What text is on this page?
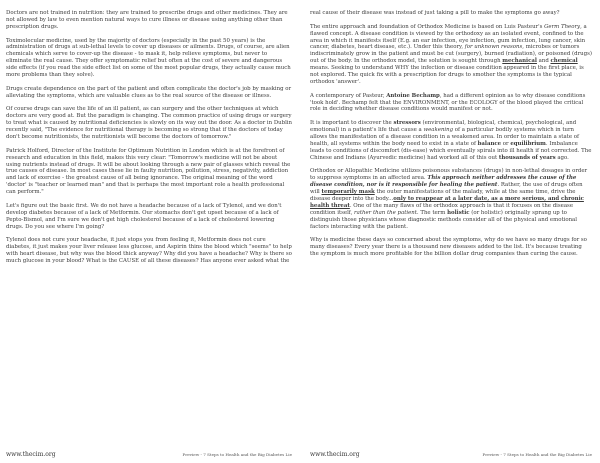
Doctors are not trained in nutrition: they are trained to prescribe drugs and other medicines. They are not allowed by law to even mention natural ways to cure illness or disease using anything other than prescription drugs.

Toximolecular medicine, used by the majority of doctors (especially in the past 50 years) is the administration of drugs at sub-lethal levels to cover up diseases or ailments. Drugs, of course, are alien chemicals which serve to cover-up the disease - to mask it, help relieve symptoms, but never to eliminate the real cause. They offer symptomatic relief but often at the cost of severe and dangerous side effects (if you read the side effect list on some of the most popular drugs, they actually cause much more problems than they solve).

Drugs create dependence on the part of the patient and often complicate the doctor's job by masking or alleviating the symptoms, which are valuable clues as to the real source of the disease or illness.

Of course drugs can save the life of an ill patient, as can surgery and the other techniques at which doctors are very good at. But the paradigm is changing. The common practice of using drugs or surgery to treat what is caused by nutritional deficiencies is slowly on its way out the door. As a doctor in Dublin recently said, "The evidence for nutritional therapy is becoming so strong that if the doctors of today don't become nutritionists, the nutritionists will become the doctors of tomorrow."

Patrick Holford, Director of the Institute for Optimum Nutrition in London which is at the forefront of research and education in this field, makes this very clear: "Tomorrow's medicine will not be about using nutrients instead of drugs. It will be about looking through a new pair of glasses which reveal the true causes of disease. In most cases these lie in faulty nutrition, pollution, stress, negativity, addiction and lack of exercise - the greatest cause of all being ignorance. The original meaning of the word 'doctor' is "teacher or learned man" and that is perhaps the most important role a health professional can perform."

Let's figure out the basic first. We do not have a headache because of a lack of Tylenol, and we don't develop diabetes because of a lack of Metformin. Our stomachs don't get upset because of a lack of Pepto-Bismol, and I'm sure we don't get high cholesterol because of a lack of cholesterol lowering drugs. Do you see where I'm going?

Tylenol does not cure your headache, it just stops you from feeling it, Metformin does not cure diabetes, it just makes your liver release less glucose, and Aspirin thins the blood which "seems" to help with heart disease, but why was the blood thick anyway? Why did you have a headache? Why is there so much glucose in your blood? What is the CAUSE of all these diseases? Has anyone ever asked what the

www.thecim.org	Preview - 7 Steps to Health and the Big Diabetes Lie

real cause of their disease was instead of just taking a pill to make the symptoms go away?

The entire approach and foundation of Orthodox Medicine is based on Luis Pasteur's Germ Theory, a flawed concept. A disease condition is viewed by the orthodoxy as an isolated event, confined to the area in which it manifests itself (E.g. an ear infection, eye infection, gum infection, lung cancer, skin cancer, diabetes, heart disease, etc.). Under this theory, for unknown reasons, microbes or tumors indiscriminately grow in the patient and must be cut (surgery), burned (radiation), or poisoned (drugs) out of the body. In the orthodox model, the solution is sought through mechanical and chemical means. Seeking to understand WHY the infection or disease condition appeared in the first place, is not explored. The quick fix with a prescription for drugs to smother the symptoms is the typical orthodox 'answer'.

A contemporary of Pasteur, Antoine Bechamp, had a different opinion as to why disease conditions 'took hold'. Bechamp felt that the ENVIRONMENT, or the ECOLOGY of the blood played the critical role in deciding whether disease conditions would manifest or not.

It is important to discover the stressors (environmental, biological, chemical, psychological, and emotional) in a patient's life that cause a weakening of a particular bodily systems which in turn allows the manifestation of a disease condition in a weakened area. In order to maintain a state of health, all systems within the body need to exist in a state of balance or equilibrium. Imbalance leads to conditions of discomfort (dis-ease) which eventually spirals into ill health if not corrected. The Chinese and Indians (Ayurvedic medicine) had worked all of this out thousands of years ago.

Orthodox or Allopathic Medicine utilizes poisonous substances (drugs) in non-lethal dosages in order to suppress symptoms in an affected area. This approach neither addresses the cause of the disease condition, nor is it responsible for healing the patient. Rather, the use of drugs often will temporarily mask the outer manifestations of the malady, while at the same time, drive the disease deeper into the body...only to reappear at a later date, as a more serious, and chronic health threat. One of the many flaws of the orthodox approach is that it focuses on the disease condition itself, rather than the patient. The term holistic (or holistic) originally sprang up to distinguish those physicians whose diagnostic methods consider all of the physical and emotional factors interacting with the patient.

Why is medicine these days so concerned about the symptoms, why do we have so many drugs for so many diseases? Every year there is a thousand new diseases added to the list. It's because treating the symptom is much more profitable for the billion dollar drug companies than curing the cause.

www.thecim.org	Preview - 7 Steps to Health and the Big Diabetes Lie
